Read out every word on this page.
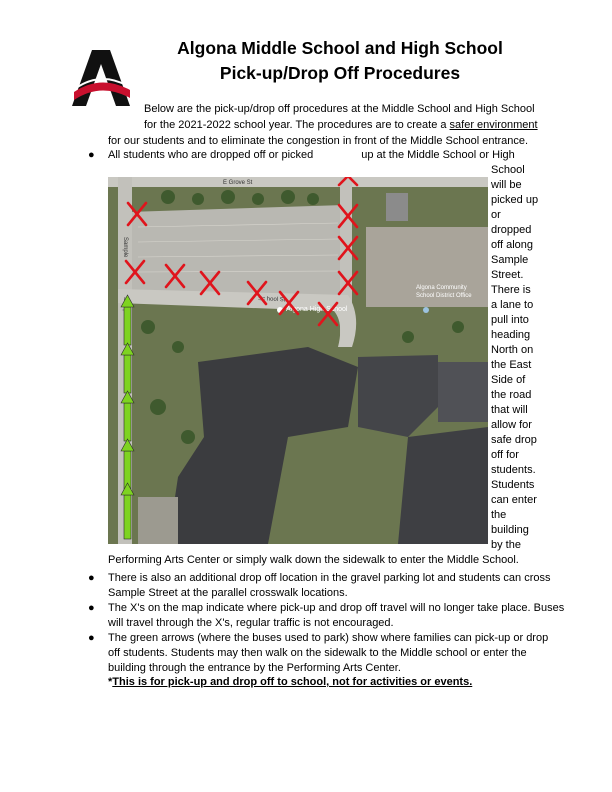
Algona Middle School and High School
Pick-up/Drop Off Procedures
Below are the pick-up/drop off procedures at the Middle School and High School
for the 2021-2022 school year. The procedures are to create a safer environment
for our students and to eliminate the congestion in front of the Middle School entrance.
● All students who are dropped off or picked	up at the Middle School or High
School
will be
picked up
or
dropped
off along
Sample
Street.
There is
a lane to
pull into
heading
North on
the East
Side of
the road
that will
allow for
safe drop
off for
students.
Students
can enter
the
building
by the
E Grove St
Sc hool St
Algona High School
Algona Community
School District Office
Sample
Performing Arts Center or simply walk down the sidewalk to enter the Middle School.
● There is also an additional drop off location in the gravel parking lot and students can cross Sample Street at the parallel crosswalk locations.
● The X's on the map indicate where pick-up and drop off travel will no longer take place. Buses will travel through the X's, regular traffic is not encouraged.
● The green arrows (where the buses used to park) show where families can pick-up or drop off students. Students may then walk on the sidewalk to the Middle school or enter the building through the entrance by the Performing Arts Center.
*This is for pick-up and drop off to school, not for activities or events.
